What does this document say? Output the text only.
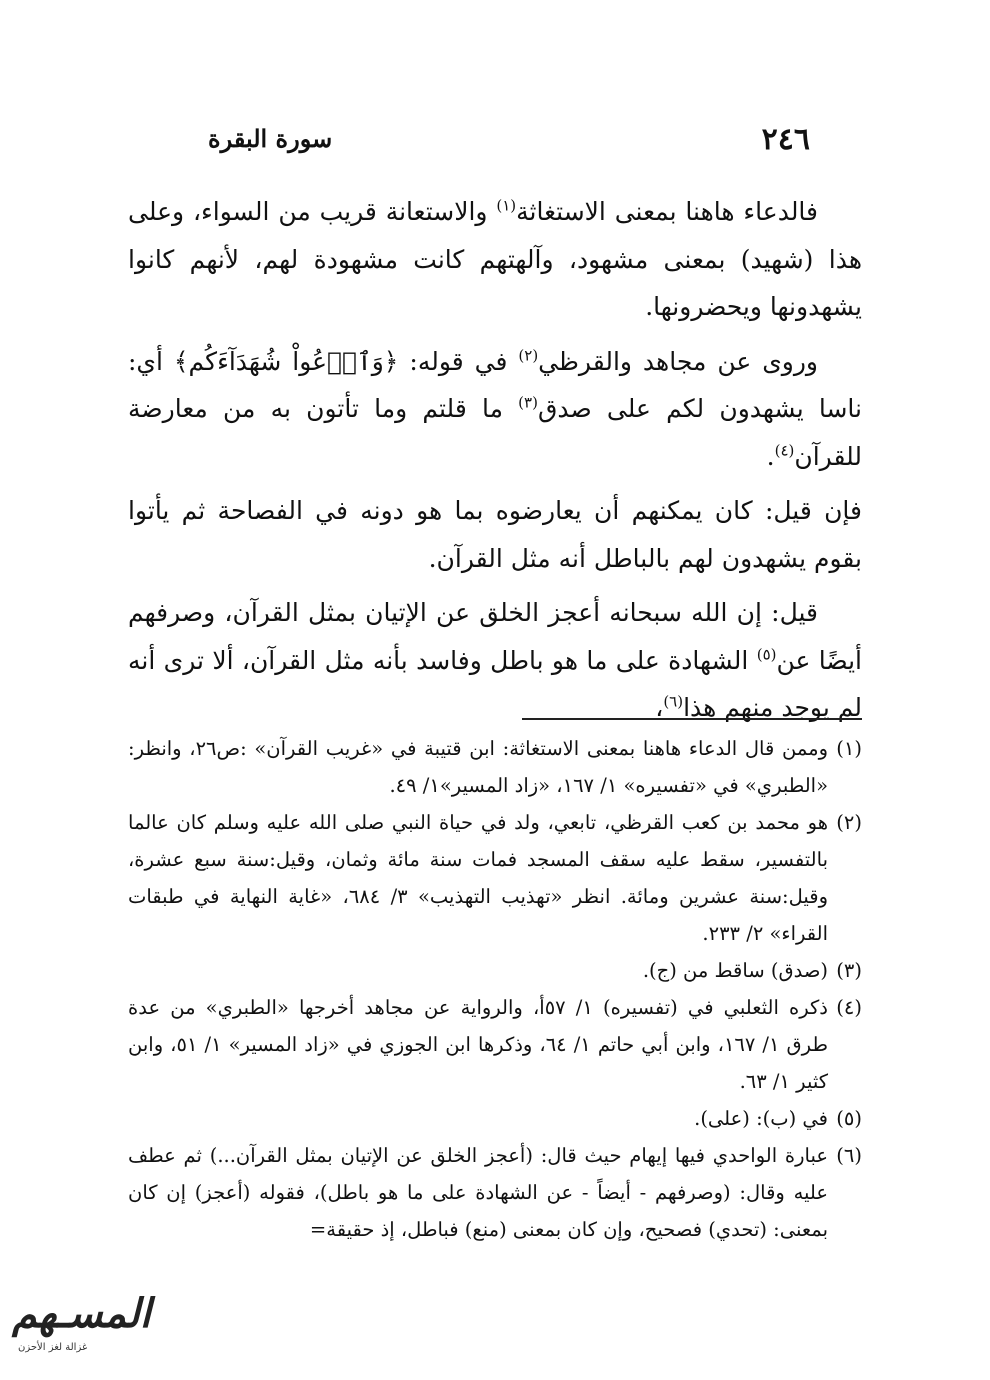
٢٤٦
سورة البقرة

فالدعاء هاهنا بمعنى الاستغاثة$^{(١)}$ والاستعانة قريب من السواء، وعلى هذا (شهيد) بمعنى مشهود، وآلهتهم كانت مشهودة لهم، لأنهم كانوا يشهدونها ويحضرونها.

وروى عن مجاهد والقرظي$^{(٢)}$ في قوله: ﴿وَٱدۡعُواْ شُهَدَآءَكُم﴾ أي: ناسا يشهدون لكم على صدق$^{(٣)}$ ما قلتم وما تأتون به من معارضة للقرآن$^{(٤)}$.

فإن قيل: كان يمكنهم أن يعارضوه بما هو دونه في الفصاحة ثم يأتوا بقوم يشهدون لهم بالباطل أنه مثل القرآن.

قيل: إن الله سبحانه أعجز الخلق عن الإتيان بمثل القرآن، وصرفهم أيضًا عن$^{(٥)}$ الشهادة على ما هو باطل وفاسد بأنه مثل القرآن، ألا ترى أنه لم يوجد منهم هذا$^{(٦)}$،

(١)
وممن قال الدعاء هاهنا بمعنى الاستغاثة: ابن قتيبة في «غريب القرآن» :ص٢٦، وانظر: «الطبري» في «تفسيره» ١/ ١٦٧، «زاد المسير»١/ ٤٩.
(٢)
هو محمد بن كعب القرظي، تابعي، ولد في حياة النبي صلى الله عليه وسلم كان عالما بالتفسير، سقط عليه سقف المسجد فمات سنة مائة وثمان، وقيل:سنة سبع عشرة، وقيل:سنة عشرين ومائة. انظر «تهذيب التهذيب» ٣/ ٦٨٤، «غاية النهاية في طبقات القراء» ٢/ ٢٣٣.
(٣)
(صدق) ساقط من (ج).
(٤)
ذكره الثعلبي في (تفسيره) ١/ ٥٧أ، والرواية عن مجاهد أخرجها «الطبري» من عدة طرق ١/ ١٦٧، وابن أبي حاتم ١/ ٦٤، وذكرها ابن الجوزي في «زاد المسير» ١/ ٥١، وابن كثير ١/ ٦٣.
(٥)
في (ب): (على).
(٦)
عبارة الواحدي فيها إيهام حيث قال: (أعجز الخلق عن الإتيان بمثل القرآن...) ثم عطف عليه وقال: (وصرفهم - أيضاً - عن الشهادة على ما هو باطل)، فقوله (أعجز) إن كان بمعنى: (تحدي) فصحيح، وإن كان بمعنى (منع) فباطل، إذ حقيقة=
المسـهم
غزالة لغز الأحزن
